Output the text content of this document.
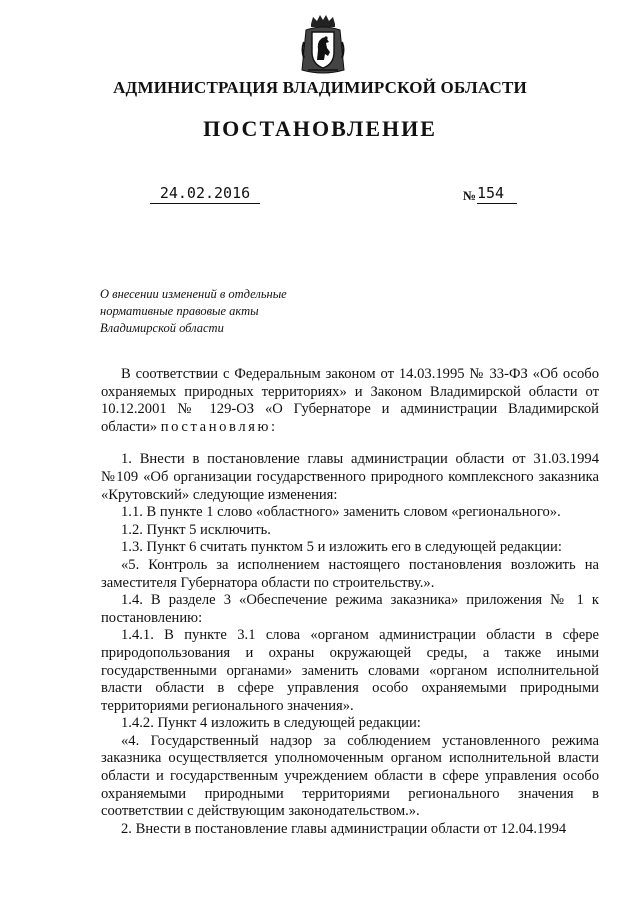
АДМИНИСТРАЦИЯ ВЛАДИМИРСКОЙ ОБЛАСТИ
ПОСТАНОВЛЕНИЕ
24.02.2016	№ 154
О внесении изменений в отдельные
нормативные правовые акты
Владимирской области

В соответствии с Федеральным законом от 14.03.1995 № 33-ФЗ «Об особо охраняемых природных территориях» и Законом Владимирской области от 10.12.2001 № 129-ОЗ «О Губернаторе и администрации Владимирской области» постановляю:

1. Внести в постановление главы администрации области от 31.03.1994 №109 «Об организации государственного природного комплексного заказника «Крутовский» следующие изменения:

1.1. В пункте 1 слово «областного» заменить словом «регионального».

1.2. Пункт 5 исключить.

1.3. Пункт 6 считать пунктом 5 и изложить его в следующей редакции:

«5. Контроль за исполнением настоящего постановления возложить на заместителя Губернатора области по строительству.».

1.4. В разделе 3 «Обеспечение режима заказника» приложения № 1 к постановлению:

1.4.1. В пункте 3.1 слова «органом администрации области в сфере природопользования и охраны окружающей среды, а также иными государственными органами» заменить словами «органом исполнительной власти области в сфере управления особо охраняемыми природными территориями регионального значения».

1.4.2. Пункт 4 изложить в следующей редакции:

«4. Государственный надзор за соблюдением установленного режима заказника осуществляется уполномоченным органом исполнительной власти области и государственным учреждением области в сфере управления особо охраняемыми природными территориями регионального значения в соответствии с действующим законодательством.».

2. Внести в постановление главы администрации области от 12.04.1994
